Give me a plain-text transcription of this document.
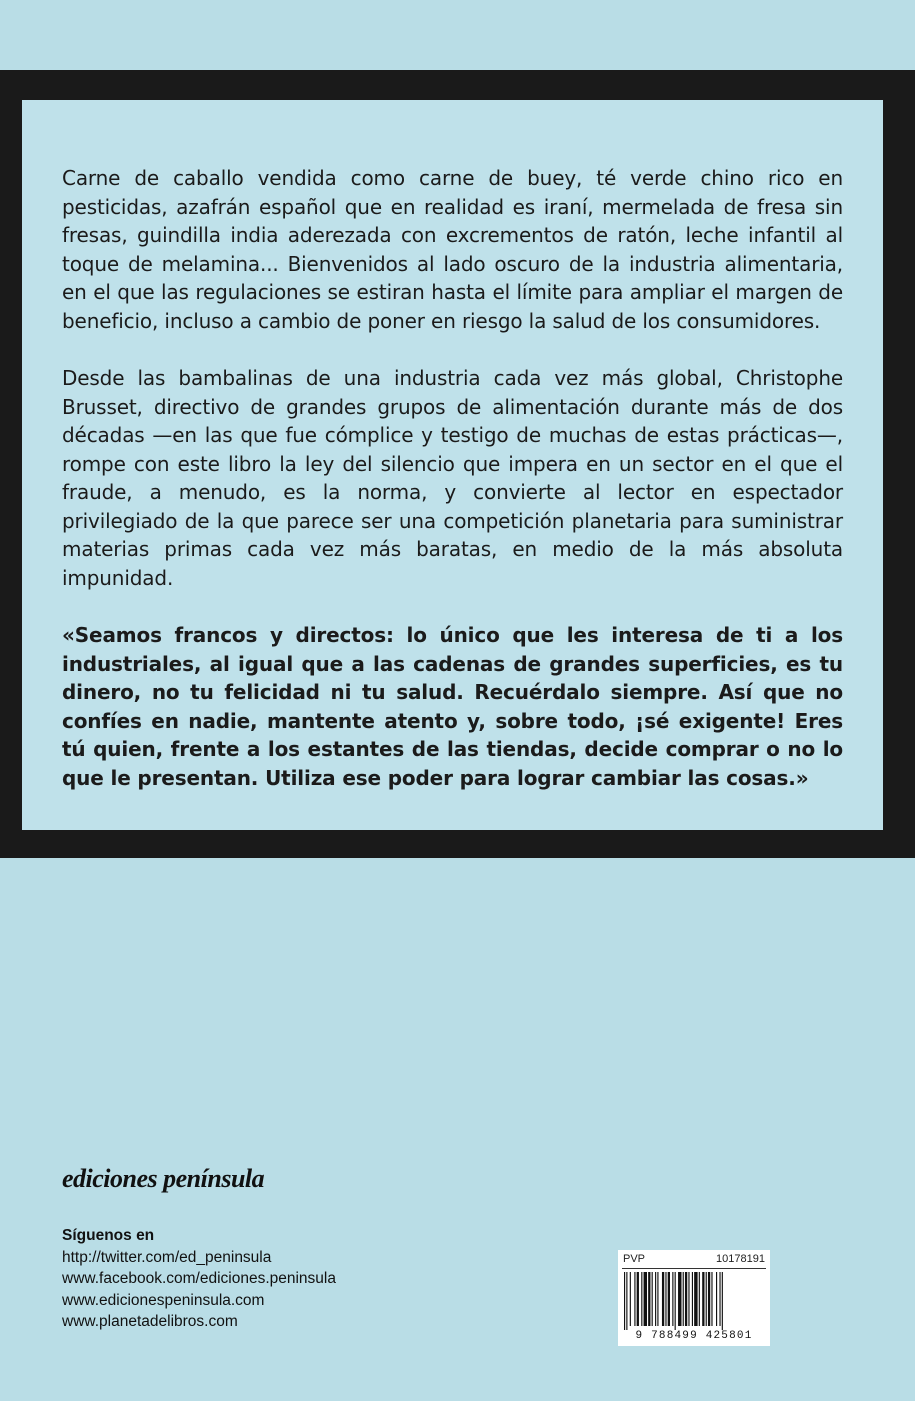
Carne de caballo vendida como carne de buey, té verde chino rico en pesticidas, azafrán español que en realidad es iraní, mermelada de fresa sin fresas, guindilla india aderezada con excrementos de ratón, leche infantil al toque de melamina... Bienvenidos al lado oscuro de la industria alimentaria, en el que las regulaciones se estiran hasta el límite para ampliar el margen de beneficio, incluso a cambio de poner en riesgo la salud de los consumidores.

Desde las bambalinas de una industria cada vez más global, Christophe Brusset, directivo de grandes grupos de alimentación durante más de dos décadas —en las que fue cómplice y testigo de muchas de estas prácticas—, rompe con este libro la ley del silencio que impera en un sector en el que el fraude, a menudo, es la norma, y convierte al lector en espectador privilegiado de la que parece ser una competición planetaria para suministrar materias primas cada vez más baratas, en medio de la más absoluta impunidad.

«Seamos francos y directos: lo único que les interesa de ti a los industriales, al igual que a las cadenas de grandes superficies, es tu dinero, no tu felicidad ni tu salud. Recuérdalo siempre. Así que no confíes en nadie, mantente atento y, sobre todo, ¡sé exigente! Eres tú quien, frente a los estantes de las tiendas, decide comprar o no lo que le presentan. Utiliza ese poder para lograr cambiar las cosas.»

ediciones península
Síguenos en
http://twitter.com/ed_peninsula
www.facebook.com/ediciones.peninsula
www.edicionespeninsula.com
www.planetadelibros.com
PVP	10178191
9 788499 425801
